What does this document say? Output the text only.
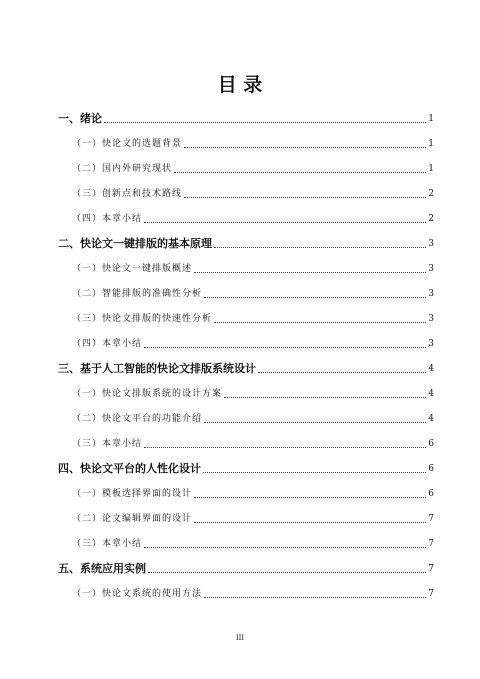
目 录
一、绪论	1
（一）快论文的选题背景	1
（二）国内外研究现状	1
（三）创新点和技术路线	2
（四）本章小结	2
二、快论文一键排版的基本原理	3
（一）快论文一键排版概述	3
（二）智能排版的准确性分析	3
（三）快论文排版的快速性分析	3
（四）本章小结	3
三、基于人工智能的快论文排版系统设计	4
（一）快论文排版系统的设计方案	4
（二）快论文平台的功能介绍	4
（三）本章小结	6
四、快论文平台的人性化设计	6
（一）模板选择界面的设计	6
（二）论文编辑界面的设计	7
（三）本章小结	7
五、系统应用实例	7
（一）快论文系统的使用方法	7
III
